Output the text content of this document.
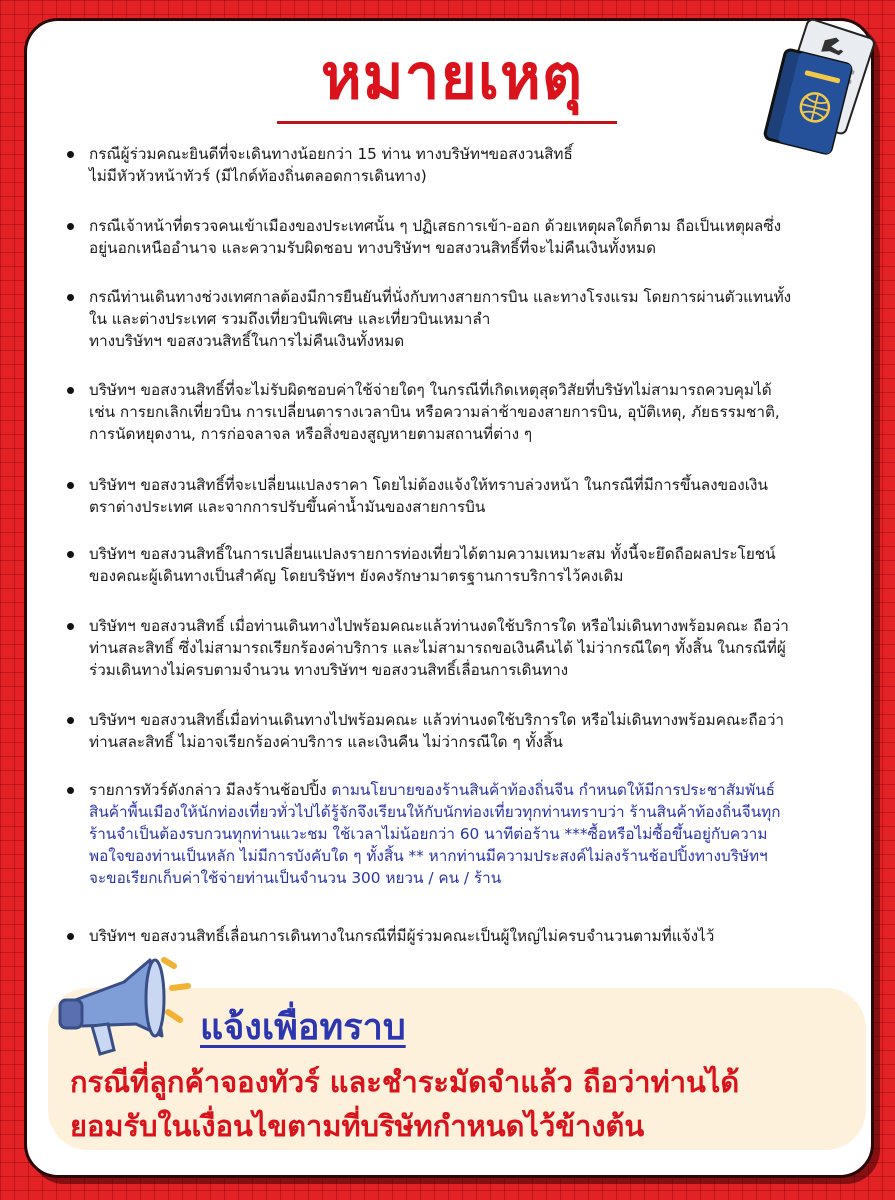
หมายเหตุ
กรณีผู้ร่วมคณะยินดีที่จะเดินทางน้อยกว่า 15 ท่าน ทางบริษัทฯขอสงวนสิทธิ์
ไม่มีหัวหัวหน้าทัวร์ (มีไกด์ท้องถิ่นตลอดการเดินทาง)
กรณีเจ้าหน้าที่ตรวจคนเข้าเมืองของประเทศนั้น ๆ ปฏิเสธการเข้า-ออก ด้วยเหตุผลใดก็ตาม ถือเป็นเหตุผลซึ่ง
อยู่นอกเหนืออำนาจ และความรับผิดชอบ ทางบริษัทฯ ขอสงวนสิทธิ์ที่จะไม่คืนเงินทั้งหมด
กรณีท่านเดินทางช่วงเทศกาลต้องมีการยืนยันที่นั่งกับทางสายการบิน และทางโรงแรม โดยการผ่านตัวแทนทั้ง
ใน และต่างประเทศ รวมถึงเที่ยวบินพิเศษ และเที่ยวบินเหมาลำ
ทางบริษัทฯ ขอสงวนสิทธิ์ในการไม่คืนเงินทั้งหมด
บริษัทฯ ขอสงวนสิทธิ์ที่จะไม่รับผิดชอบค่าใช้จ่ายใดๆ ในกรณีที่เกิดเหตุสุดวิสัยที่บริษัทไม่สามารถควบคุมได้
เช่น การยกเลิกเที่ยวบิน การเปลี่ยนตารางเวลาบิน หรือความล่าช้าของสายการบิน, อุบัติเหตุ, ภัยธรรมชาติ,
การนัดหยุดงาน, การก่อจลาจล หรือสิ่งของสูญหายตามสถานที่ต่าง ๆ
บริษัทฯ ขอสงวนสิทธิ์ที่จะเปลี่ยนแปลงราคา โดยไม่ต้องแจ้งให้ทราบล่วงหน้า ในกรณีที่มีการขึ้นลงของเงิน
ตราต่างประเทศ และจากการปรับขึ้นค่าน้ำมันของสายการบิน
บริษัทฯ ขอสงวนสิทธิ์ในการเปลี่ยนแปลงรายการท่องเที่ยวได้ตามความเหมาะสม ทั้งนี้จะยึดถือผลประโยชน์
ของคณะผู้เดินทางเป็นสำคัญ โดยบริษัทฯ ยังคงรักษามาตรฐานการบริการไว้คงเดิม
บริษัทฯ ขอสงวนสิทธิ์ เมื่อท่านเดินทางไปพร้อมคณะแล้วท่านงดใช้บริการใด หรือไม่เดินทางพร้อมคณะ ถือว่า
ท่านสละสิทธิ์ ซึ่งไม่สามารถเรียกร้องค่าบริการ และไม่สามารถขอเงินคืนได้ ไม่ว่ากรณีใดๆ ทั้งสิ้น ในกรณีที่ผู้
ร่วมเดินทางไม่ครบตามจำนวน ทางบริษัทฯ ขอสงวนสิทธิ์เลื่อนการเดินทาง
บริษัทฯ ขอสงวนสิทธิ์เมื่อท่านเดินทางไปพร้อมคณะ แล้วท่านงดใช้บริการใด หรือไม่เดินทางพร้อมคณะถือว่า
ท่านสละสิทธิ์ ไม่อาจเรียกร้องค่าบริการ และเงินคืน ไม่ว่ากรณีใด ๆ ทั้งสิ้น
รายการทัวร์ดังกล่าว มีลงร้านช้อปปิ้ง ตามนโยบายของร้านสินค้าท้องถิ่นจีน กำหนดให้มีการประชาสัมพันธ์
สินค้าพื้นเมืองให้นักท่องเที่ยวทั่วไปได้รู้จักจึงเรียนให้กับนักท่องเที่ยวทุกท่านทราบว่า ร้านสินค้าท้องถิ่นจีนทุก
ร้านจำเป็นต้องรบกวนทุกท่านแวะชม ใช้เวลาไม่น้อยกว่า 60 นาทีต่อร้าน ***ซื้อหรือไม่ซื้อขึ้นอยู่กับความ
พอใจของท่านเป็นหลัก ไม่มีการบังคับใด ๆ ทั้งสิ้น ** หากท่านมีความประสงค์ไม่ลงร้านช้อปปิ้งทางบริษัทฯ
จะขอเรียกเก็บค่าใช้จ่ายท่านเป็นจำนวน 300 หยวน / คน / ร้าน
บริษัทฯ ขอสงวนสิทธิ์เลื่อนการเดินทางในกรณีที่มีผู้ร่วมคณะเป็นผู้ใหญ่ไม่ครบจำนวนตามที่แจ้งไว้
แจ้งเพื่อทราบ
กรณีที่ลูกค้าจองทัวร์ และชำระมัดจำแล้ว ถือว่าท่านได้
ยอมรับในเงื่อนไขตามที่บริษัทกำหนดไว้ข้างต้น
